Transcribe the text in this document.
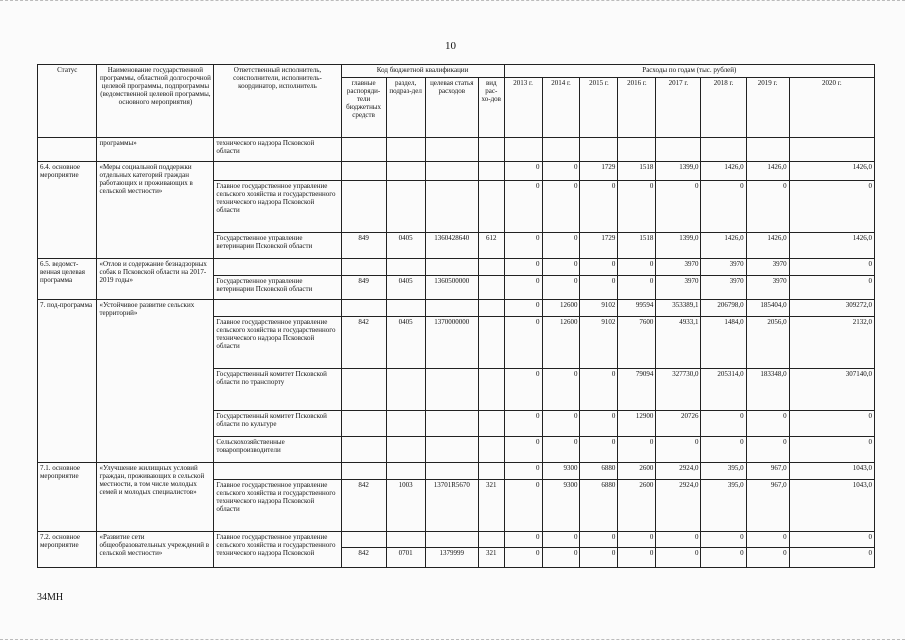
10
Статус	Наименование государственной программы, областной долгосрочной целевой программы, подпрограммы (ведомственной целевой программы, основного мероприятия)	Ответственный исполнитель, соисполнители, исполнитель-координатор, исполнитель	Код бюджетной квалификации				Расходы по годам (тыс. рублей)							
			главные распоряди-тели бюджетных средств	раздел, подраз-дел	целевая статья расходов	вид рас-хо-дов	2013 г.	2014 г.	2015 г.	2016 г.	2017 г.	2018 г.	2019 г.	2020 г.
	программы»	технического надзора Псковской области												
6.4. основное мероприятие	«Меры социальной поддержки отдельных категорий граждан работающих и проживающих в сельской местности»						0	0	1729	1518	1399,0	1426,0	1426,0	1426,0
		Главное государственное управление сельского хозяйства и государственного технического надзора Псковской области					0	0	0	0	0	0	0	0
		Государственное управление ветеринарии Псковской области	849	0405	1360428640	612	0	0	1729	1518	1399,0	1426,0	1426,0	1426,0
6.5. ведомст-венная целевая программа	«Отлов и содержание безнадзорных собак в Псковской области на 2017-2019 годы»						0	0	0	0	3970	3970	3970	0
		Государственное управление ветеринарии Псковской области	849	0405	1360500000		0	0	0	0	3970	3970	3970	0
7. под-программа	«Устойчивое развитие сельских территорий»						0	12600	9102	99594	353389,1	206798,0	185404,0	309272,0
		Главное государственное управление сельского хозяйства и государственного технического надзора Псковской области	842	0405	1370000000		0	12600	9102	7600	4933,1	1484,0	2056,0	2132,0
		Государственный комитет Псковской области по транспорту					0	0	0	79094	327730,0	205314,0	183348,0	307140,0
		Государственный комитет Псковской области по культуре					0	0	0	12900	20726	0	0	0
		Сельскохозяйственные товаропроизводители					0	0	0	0	0	0	0	0
7.1. основное мероприятие	«Улучшение жилищных условий граждан, проживающих в сельской местности, в том числе молодых семей и молодых специалистов»						0	9300	6880	2600	2924,0	395,0	967,0	1043,0
		Главное государственное управление сельского хозяйства и государственного технического надзора Псковской области	842	1003	13701R5670	321	0	9300	6880	2600	2924,0	395,0	967,0	1043,0
7.2. основное мероприятие	«Развитие сети общеобразовательных учреждений в сельской местности»	Главное государственное управление сельского хозяйства и государственного технического надзора Псковской					0	0	0	0	0	0	0	0
			842	0701	1379999	321	0	0	0	0	0	0	0	0
34МН
